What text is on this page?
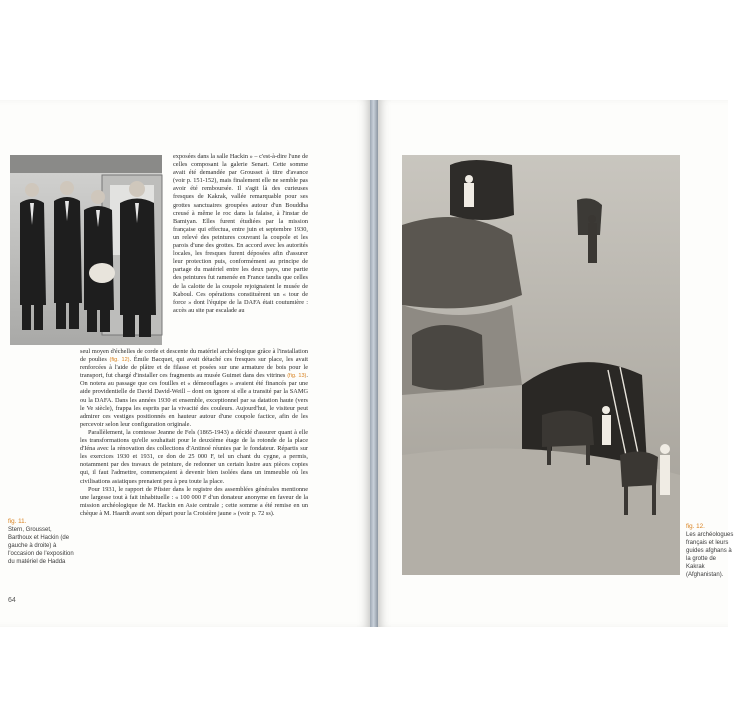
exposées dans la salle Hackin » – c'est-à-dire l'une de celles composant la galerie Senart. Cette somme avait été demandée par Grousset à titre d'avance (voir p. 151-152), mais finalement elle ne semble pas avoir été remboursée. Il s'agit là des curieuses fresques de Kakrak, vallée remarquable pour ses grottes sanctuaires groupées autour d'un Bouddha creusé à même le roc dans la falaise, à l'instar de Bamiyan. Elles furent étudiées par la mission française qui effectua, entre juin et septembre 1930, un relevé des peintures couvrant la coupole et les parois d'une des grottes. En accord avec les autorités locales, les fresques furent déposées afin d'assurer leur protection puis, conformément au principe de partage du matériel entre les deux pays, une partie des peintures fut ramenée en France tandis que celles de la calotte de la coupole rejoignaient le musée de Kaboul. Ces opérations constituèrent un « tour de force » dont l'équipe de la DAFA était coutumière : accès au site par escalade au

seul moyen d'échelles de corde et descente du matériel archéologique grâce à l'installation de poulies (fig. 12). Émile Bacquet, qui avait détaché ces fresques sur place, les avait renforcées à l'aide de plâtre et de filasse et posées sur une armature de bois pour le transport, fut chargé d'installer ces fragments au musée Guimet dans des vitrines (fig. 13). On notera au passage que ces fouilles et « démeouflages » avaient été financés par une aide providentielle de David David-Weill – dont on ignore si elle a transité par la SAMG ou la DAFA. Dans les années 1930 et ensemble, exceptionnel par sa datation haute (vers le Ve siècle), frappa les esprits par la vivacité des couleurs. Aujourd'hui, le visiteur peut admirer ces vestiges positionnés en hauteur autour d'une coupole factice, afin de les percevoir selon leur configuration originale.

Parallèlement, la comtesse Jeanne de Fels (1865-1943) a décidé d'assurer quant à elle les transformations qu'elle souhaitait pour le deuxième étage de la rotonde de la place d'Iéna avec la rénovation des collections d'Antinoé réunies par le fondateur. Répartis sur les exercices 1930 et 1931, ce don de 25 000 F, tel un chant du cygne, a permis, notamment par des travaux de peinture, de redonner un certain lustre aux pièces copies qui, il faut l'admettre, commençaient à devenir bien isolées dans un immeuble où les civilisations asiatiques prenaient peu à peu toute la place.

Pour 1931, le rapport de Pfister dans le registre des assemblées générales mentionne une largesse tout à fait inhabituelle : « 100 000 F d'un donateur anonyme en faveur de la mission archéologique de M. Hackin en Asie centrale ; cette somme a été remise en un chèque à M. Haardt avant son départ pour la Croisière jaune » (voir p. 72 ss).

fig. 11.
Stern, Grousset, Barthoux et Hackin (de gauche à droite) à l'occasion de l'exposition du matériel de Hadda
64
fig. 12.
Les archéologues français et leurs guides afghans à la grotte de Kakrak (Afghanistan).
